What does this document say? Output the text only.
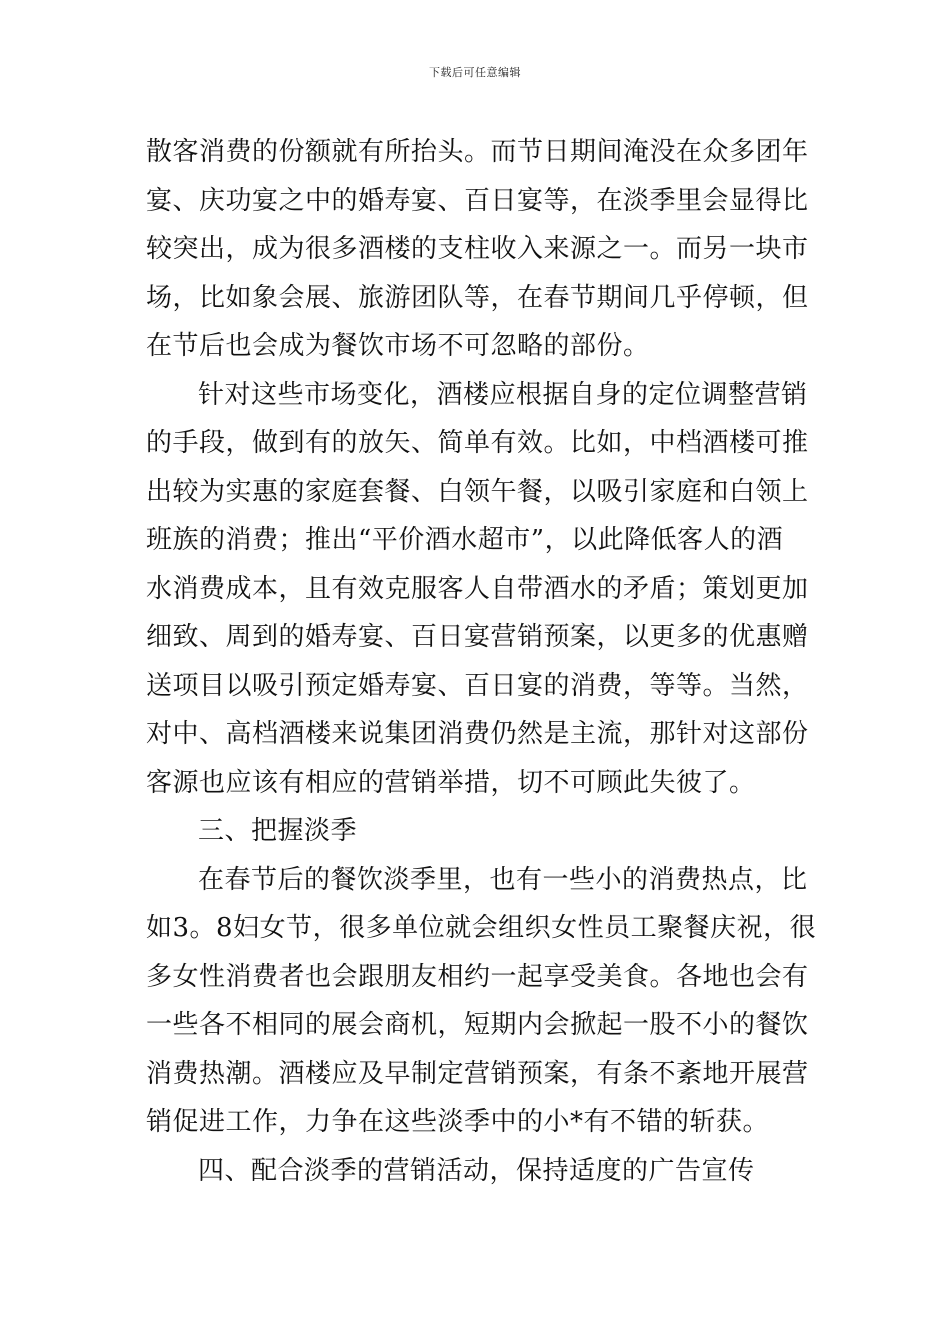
下载后可任意编辑
散客消费的份额就有所抬头。而节日期间淹没在众多团年
宴、庆功宴之中的婚寿宴、百日宴等，在淡季里会显得比
较突出，成为很多酒楼的支柱收入来源之一。而另一块市
场，比如象会展、旅游团队等，在春节期间几乎停顿，但
在节后也会成为餐饮市场不可忽略的部份。
针对这些市场变化，酒楼应根据自身的定位调整营销
的手段，做到有的放矢、简单有效。比如，中档酒楼可推
出较为实惠的家庭套餐、白领午餐，以吸引家庭和白领上
班族的消费；推出“平价酒水超市”，以此降低客人的酒
水消费成本，且有效克服客人自带酒水的矛盾；策划更加
细致、周到的婚寿宴、百日宴营销预案，以更多的优惠赠
送项目以吸引预定婚寿宴、百日宴的消费，等等。当然，
对中、高档酒楼来说集团消费仍然是主流，那针对这部份
客源也应该有相应的营销举措，切不可顾此失彼了。
三、把握淡季
在春节后的餐饮淡季里，也有一些小的消费热点，比
如3。8妇女节，很多单位就会组织女性员工聚餐庆祝，很
多女性消费者也会跟朋友相约一起享受美食。各地也会有
一些各不相同的展会商机，短期内会掀起一股不小的餐饮
消费热潮。酒楼应及早制定营销预案，有条不紊地开展营
销促进工作，力争在这些淡季中的小*有不错的斩获。
四、配合淡季的营销活动，保持适度的广告宣传
